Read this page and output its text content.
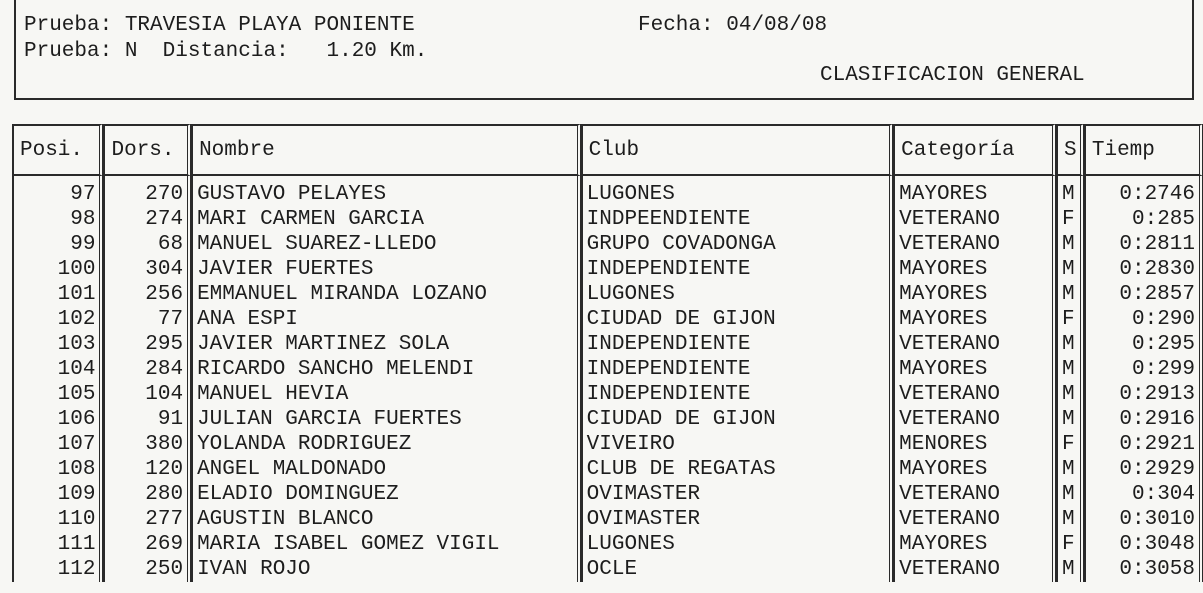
Prueba: TRAVESIA PLAYA PONIENTE	Fecha: 04/08/08
Prueba: N Distancia: 1.20 Km.
CLASIFICACION GENERAL
Posi.	Dors.	Nombre	Club	Categoría	S	Tiemp

97	270	GUSTAVO PELAYES	LUGONES	MAYORES	M	0:2746
98	274	MARI CARMEN GARCIA	INDPEENDIENTE	VETERANO	F	0:285
99	68	MANUEL SUAREZ-LLEDO	GRUPO COVADONGA	VETERANO	M	0:2811
100	304	JAVIER FUERTES	INDEPENDIENTE	MAYORES	M	0:2830
101	256	EMMANUEL MIRANDA LOZANO	LUGONES	MAYORES	M	0:2857
102	77	ANA ESPI	CIUDAD DE GIJON	MAYORES	F	0:290
103	295	JAVIER MARTINEZ SOLA	INDEPENDIENTE	VETERANO	M	0:295
104	284	RICARDO SANCHO MELENDI	INDEPENDIENTE	MAYORES	M	0:299
105	104	MANUEL HEVIA	INDEPENDIENTE	VETERANO	M	0:2913
106	91	JULIAN GARCIA FUERTES	CIUDAD DE GIJON	VETERANO	M	0:2916
107	380	YOLANDA RODRIGUEZ	VIVEIRO	MENORES	F	0:2921
108	120	ANGEL MALDONADO	CLUB DE REGATAS	MAYORES	M	0:2929
109	280	ELADIO DOMINGUEZ	OVIMASTER	VETERANO	M	0:304
110	277	AGUSTIN BLANCO	OVIMASTER	VETERANO	M	0:3010
111	269	MARIA ISABEL GOMEZ VIGIL	LUGONES	MAYORES	F	0:3048
112	250	IVAN ROJO	OCLE	VETERANO	M	0:3058
